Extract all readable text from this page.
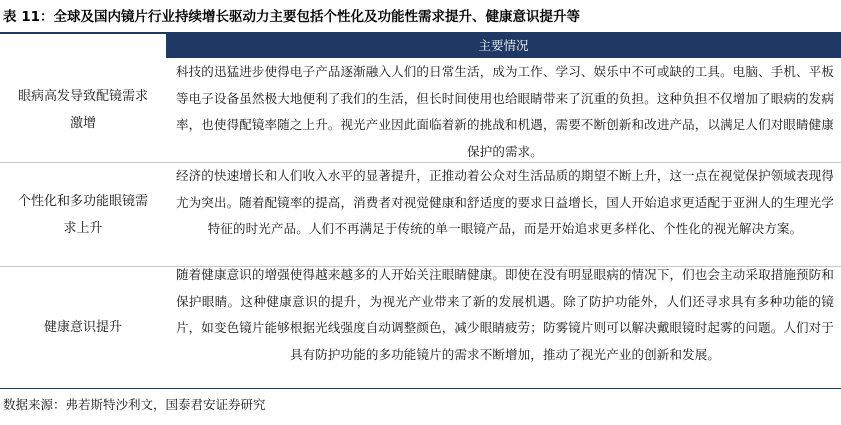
表 11：全球及国内镜片行业持续增长驱动力主要包括个性化及功能性需求提升、健康意识提升等
主要情况
眼病高发导致配镜需求激增
科技的迅猛进步使得电子产品逐渐融入人们的日常生活，成为工作、学习、娱乐中不可或缺的工具。电脑、手机、平板等电子设备虽然极大地便利了我们的生活，但长时间使用也给眼睛带来了沉重的负担。这种负担不仅增加了眼病的发病率，也使得配镜率随之上升。视光产业因此面临着新的挑战和机遇，需要不断创新和改进产品，以满足人们对眼睛健康保护的需求。
个性化和多功能眼镜需求上升
经济的快速增长和人们收入水平的显著提升，正推动着公众对生活品质的期望不断上升，这一点在视觉保护领域表现得尤为突出。随着配镜率的提高，消费者对视觉健康和舒适度的要求日益增长，国人开始追求更适配于亚洲人的生理光学特征的时光产品。人们不再满足于传统的单一眼镜产品，而是开始追求更多样化、个性化的视光解决方案。
健康意识提升
随着健康意识的增强使得越来越多的人开始关注眼睛健康。即使在没有明显眼病的情况下，们也会主动采取措施预防和保护眼睛。这种健康意识的提升，为视光产业带来了新的发展机遇。除了防护功能外，人们还寻求具有多种功能的镜片，如变色镜片能够根据光线强度自动调整颜色，减少眼睛疲劳；防雾镜片则可以解决戴眼镜时起雾的问题。人们对于具有防护功能的多功能镜片的需求不断增加，推动了视光产业的创新和发展。
数据来源：弗若斯特沙利文，国泰君安证券研究
